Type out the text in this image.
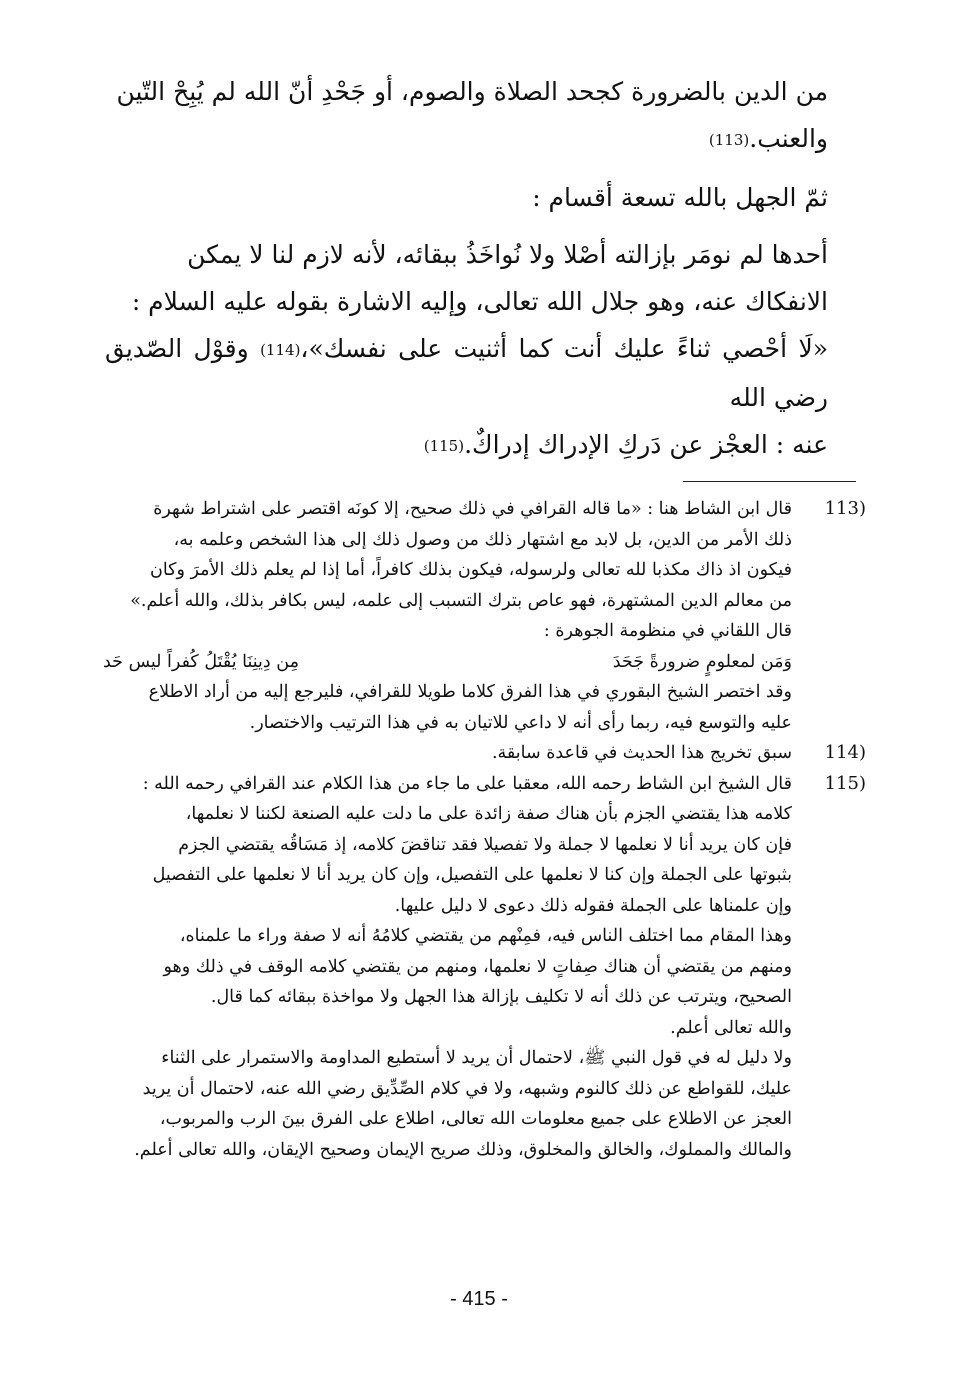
من الدين بالضرورة كجحد الصلاة والصوم، أو جَحْدِ أنّ الله لم يُبِحْ التّين

والعنب.(113)

ثمّ الجهل بالله تسعة أقسام :

أحدها لم نومَر بإزالته أصْلا ولا نُواخَذُ ببقائه، لأنه لازم لنا لا يمكن

الانفكاك عنه، وهو جلال الله تعالى، وإليه الاشارة بقوله عليه السلام :

«لَا أحْصي ثناءً عليك أنت كما أثنيت على نفسك»،(114) وقوْل الصّديق رضي الله

عنه : العجْز عن دَركِ الإدراك إدراكٌ.(115)

(113

قال ابن الشاط هنا : «ما قاله القرافي في ذلك صحيح، إلا كونَه اقتصر على اشتراط شهرة

ذلك الأمر من الدين، بل لابد مع اشتهار ذلك من وصول ذلك إلى هذا الشخص وعلمه به،

فيكون اذ ذاك مكذبا لله تعالى ولرسوله، فيكون بذلك كافراً، أما إذا لم يعلم ذلك الأمرَ وكان

من معالم الدين المشتهرة، فهو عاص بترك التسبب إلى علمه، ليس بكافر بذلك، والله أعلم.»

قال اللقاني في منظومة الجوهرة :

وَمَن لمعلومٍ ضرورةً جَحَدَ
مِن دِينِنَا يُقْتَلُ كُفراً ليس حَد

وقد اختصر الشيخ البقوري في هذا الفرق كلاما طويلا للقرافي، فليرجع إليه من أراد الاطلاع

عليه والتوسع فيه، ربما رأى أنه لا داعي للاتيان به في هذا الترتيب والاختصار.

(114

سبق تخريج هذا الحديث في قاعدة سابقة.

(115

قال الشيخ ابن الشاط رحمه الله، معقبا على ما جاء من هذا الكلام عند القرافي رحمه الله :

كلامه هذا يقتضي الجزم بأن هناك صفة زائدة على ما دلت عليه الصنعة لكننا لا نعلمها،

فإن كان يريد أنا لا نعلمها لا جملة ولا تفصيلا فقد تناقضَ كلامه، إذ مَسَاقُه يقتضي الجزم

بثبوتها على الجملة وإن كنا لا نعلمها على التفصيل، وإن كان يريد أنا لا نعلمها على التفصيل

وإن علمناها على الجملة فقوله ذلك دعوى لا دليل عليها.

وهذا المقام مما اختلف الناس فيه، فمِنْهم من يقتضي كلامُهُ أنه لا صفة وراء ما علمناه،

ومنهم من يقتضي أن هناك صِفاتٍ لا نعلمها، ومنهم من يقتضي كلامه الوقف في ذلك وهو

الصحيح، ويترتب عن ذلك أنه لا تكليف بإزالة هذا الجهل ولا مواخذة ببقائه كما قال.

والله تعالى أعلم.

ولا دليل له في قول النبي ﷺ، لاحتمال أن يريد لا أستطيع المداومة والاستمرار على الثناء

عليك، للقواطع عن ذلك كالنوم وشبهه، ولا في كلام الصِّدِّيق رضي الله عنه، لاحتمال أن يريد

العجز عن الاطلاع على جميع معلومات الله تعالى، اطلاع على الفرق بينَ الرب والمربوب،

والمالك والمملوك، والخالق والمخلوق، وذلك صريح الإيمان وصحيح الإيقان، والله تعالى أعلم.

- 415 -
